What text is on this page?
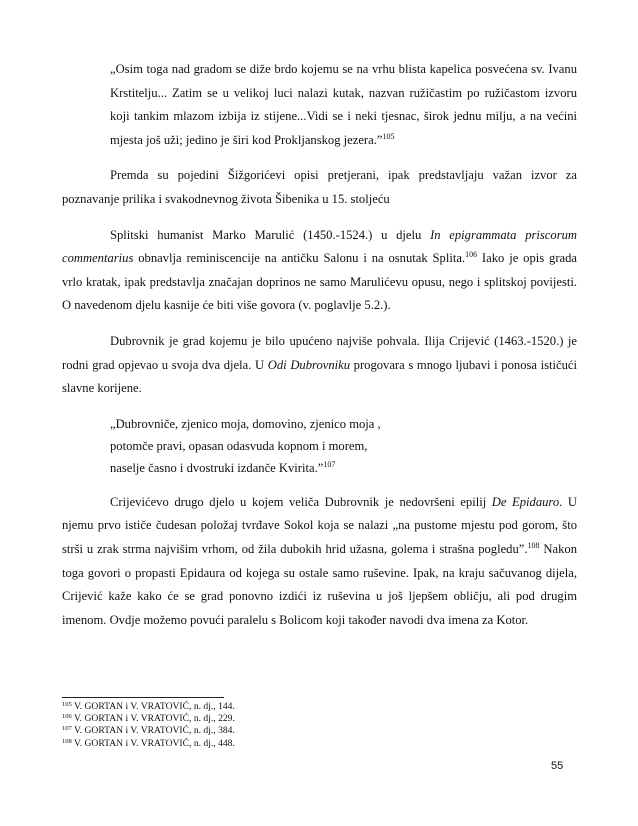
„Osim toga nad gradom se diže brdo kojemu se na vrhu blista kapelica posvećena sv. Ivanu Krstitelju... Zatim se u velikoj luci nalazi kutak, nazvan ružičastim po ružičastom izvoru koji tankim mlazom izbija iz stijene...Vidi se i neki tjesnac, širok jednu milju, a na većini mjesta još uži; jedino je širi kod Prokljanskog jezera.”$^{105}$

Premda su pojedini Šižgorićevi opisi pretjerani, ipak predstavljaju važan izvor za poznavanje prilika i svakodnevnog života Šibenika u 15. stoljeću

Splitski humanist Marko Marulić (1450.-1524.) u djelu In epigrammata priscorum commentarius obnavlja reminiscencije na antičku Salonu i na osnutak Splita.$^{106}$ Iako je opis grada vrlo kratak, ipak predstavlja značajan doprinos ne samo Marulićevu opusu, nego i splitskoj povijesti. O navedenom djelu kasnije će biti više govora (v. poglavlje 5.2.).

Dubrovnik je grad kojemu je bilo upućeno najviše pohvala. Ilija Crijević (1463.-1520.) je rodni grad opjevao u svoja dva djela. U Odi Dubrovniku progovara s mnogo ljubavi i ponosa ističući slavne korijene.

„Dubrovniče, zjenico moja, domovino, zjenico moja ,
potomče pravi, opasan odasvuda kopnom i morem,
naselje časno i dvostruki izdanče Kvirita.”$^{107}$

Crijevićevo drugo djelo u kojem veliča Dubrovnik je nedovršeni epilij De Epidauro. U njemu prvo ističe čudesan položaj tvrđave Sokol koja se nalazi „na pustome mjestu pod gorom, što strši u zrak strma najvišim vrhom, od žila dubokih hrid užasna, golema i strašna pogledu”.$^{108}$ Nakon toga govori o propasti Epidaura od kojega su ostale samo ruševine. Ipak, na kraju sačuvanog dijela, Crijević kaže kako će se grad ponovno izdići iz ruševina u još ljepšem obličju, ali pod drugim imenom. Ovdje možemo povući paralelu s Bolicom koji također navodi dva imena za Kotor.

$^{105}$ V. GORTAN i V. VRATOVIĆ, n. dj., 144.
$^{106}$ V. GORTAN i V. VRATOVIĆ, n. dj., 229.
$^{107}$ V. GORTAN i V. VRATOVIĆ, n. dj., 384.
$^{108}$ V. GORTAN i V. VRATOVIĆ, n. dj., 448.
55
